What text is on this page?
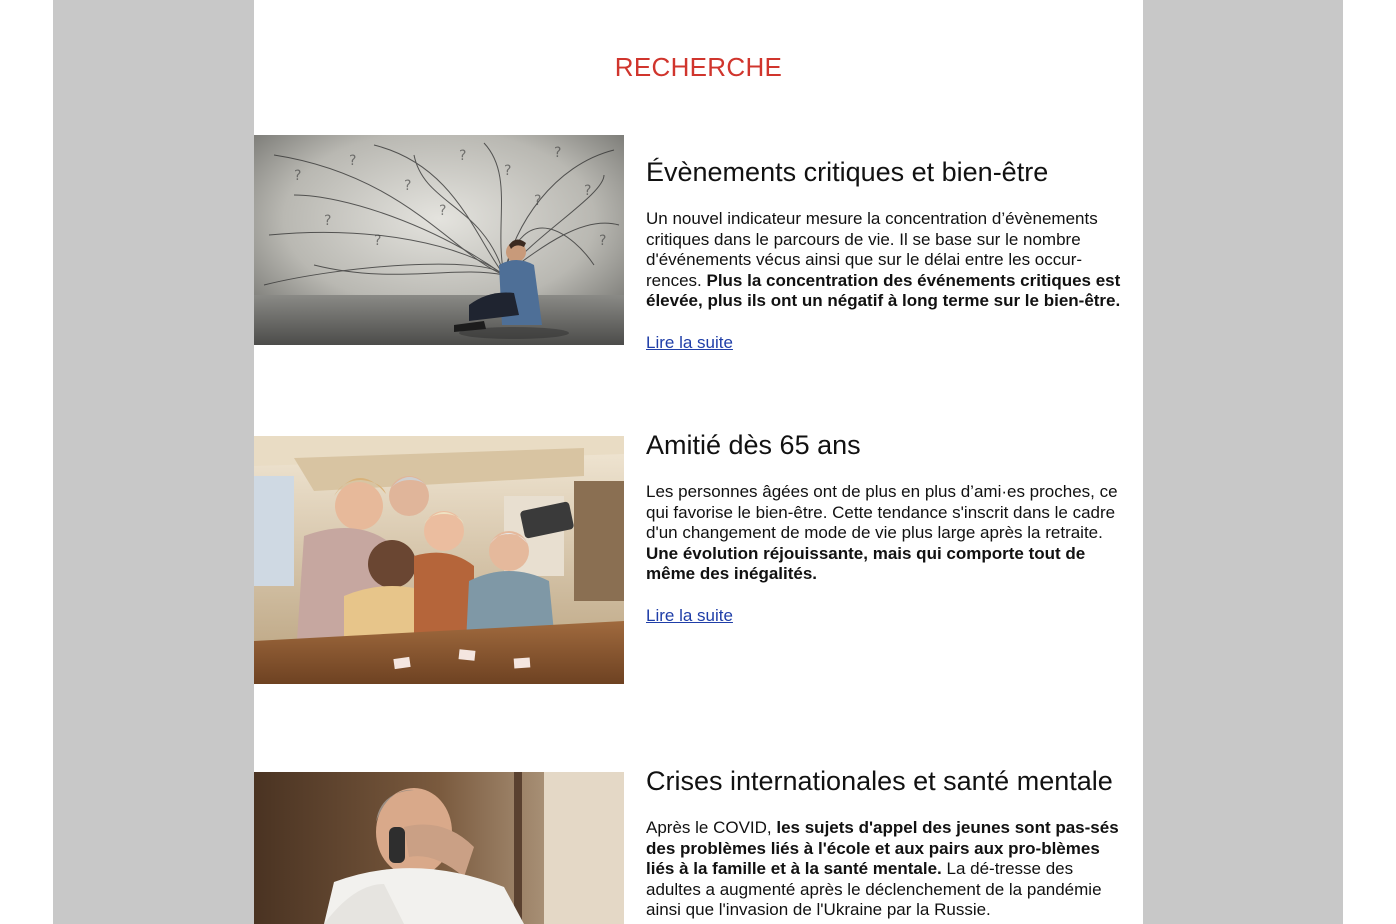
RECHERCHE
?
?
?
?
?
?
?
?
?
?
?	?
Évènements critiques et bien-être

Un nouvel indicateur mesure la concentration d’évènements critiques dans le parcours de vie. Il se base sur le nombre d'événements vécus ainsi que sur le délai entre les occur-rences. Plus la concentration des événements critiques est élevée, plus ils ont un négatif à long terme sur le bien-être.

Lire la suite
Amitié dès 65 ans

Les personnes âgées ont de plus en plus d’ami·es proches, ce qui favorise le bien-être. Cette tendance s'inscrit dans le cadre d'un changement de mode de vie plus large après la retraite. Une évolution réjouissante, mais qui comporte tout de même des inégalités.

Lire la suite
Crises internationales et santé mentale

Après le COVID, les sujets d'appel des jeunes sont pas-sés des problèmes liés à l'école et aux pairs aux pro-blèmes liés à la famille et à la santé mentale. La dé-tresse des adultes a augmenté après le déclenchement de la pandémie ainsi que l'invasion de l'Ukraine par la Russie.
